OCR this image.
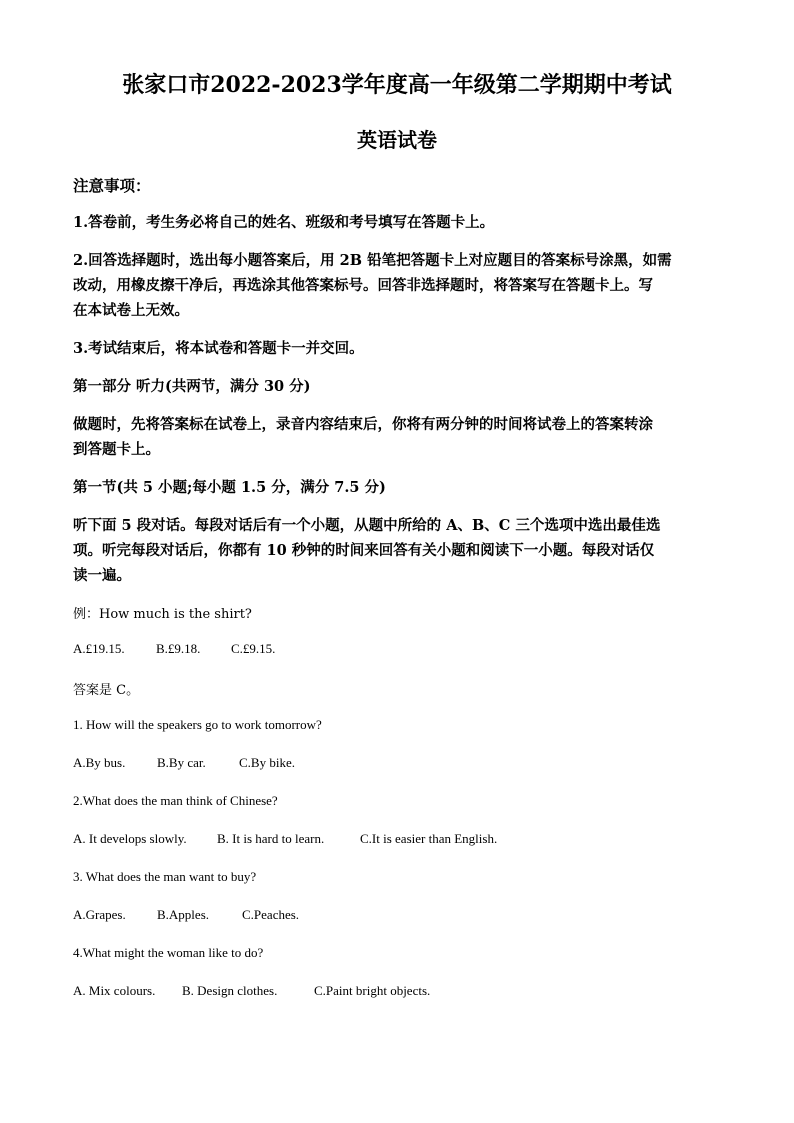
张家口市2022-2023学年度高一年级第二学期期中考试
英语试卷
注意事项：
1.答卷前，考生务必将自己的姓名、班级和考号填写在答题卡上。
2.回答选择题时，选出每小题答案后，用 2B 铅笔把答题卡上对应题目的答案标号涂黑，如需
改动，用橡皮擦干净后，再选涂其他答案标号。回答非选择题时，将答案写在答题卡上。写
在本试卷上无效。
3.考试结束后，将本试卷和答题卡一并交回。
第一部分 听力(共两节，满分 30 分)
做题时，先将答案标在试卷上，录音内容结束后，你将有两分钟的时间将试卷上的答案转涂
到答题卡上。
第一节(共 5 小题;每小题 1.5 分，满分 7.5 分)
听下面 5 段对话。每段对话后有一个小题，从题中所给的 A、B、C 三个选项中选出最佳选
项。听完每段对话后，你都有 10 秒钟的时间来回答有关小题和阅读下一小题。每段对话仅
读一遍。
例：How much is the shirt?
A.£19.15. B.£9.18. C.£9.15.
答案是 C。
1. How will the speakers go to work tomorrow?
A.By bus. B.By car.	C.By bike.
2.What does the man think of Chinese?
A. It develops slowly. B. It is hard to learn.	C.It is easier than English.
3. What does the man want to buy?
A.Grapes. B.Apples.	C.Peaches.
4.What might the woman like to do?
A. Mix colours. B. Design clothes.	C.Paint bright objects.
